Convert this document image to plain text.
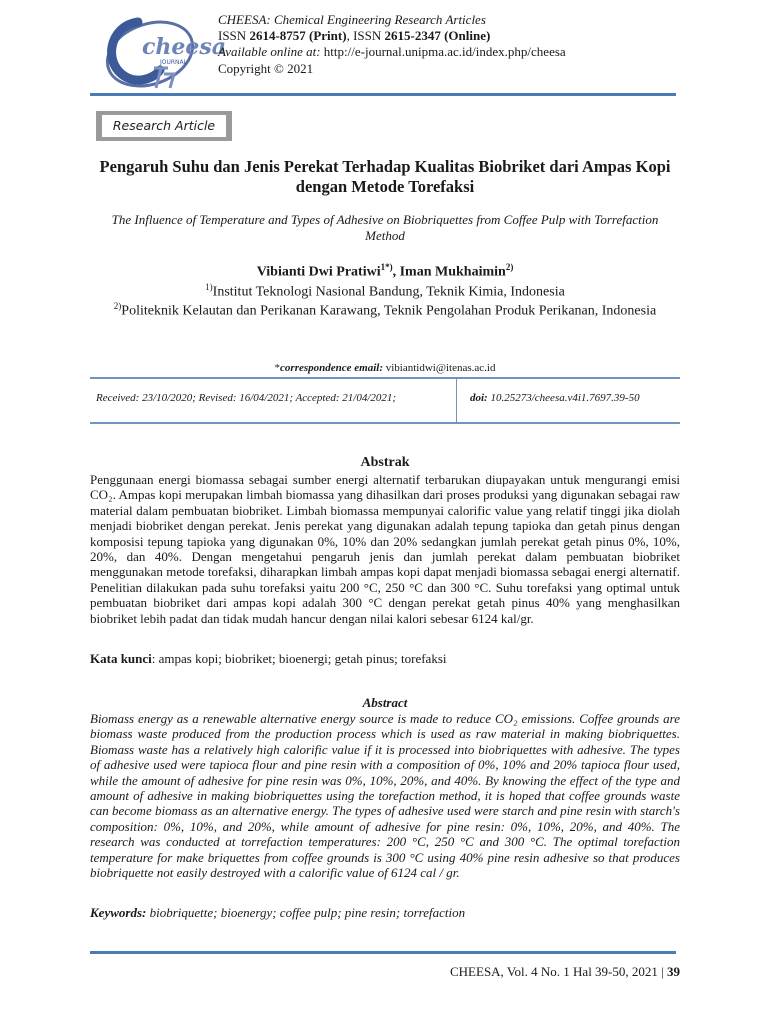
cheesa
JOURNAL
CHEESA: Chemical Engineering Research Articles
ISSN 2614-8757 (Print), ISSN 2615-2347 (Online)
Available online at: http://e-journal.unipma.ac.id/index.php/cheesa
Copyright © 2021
Research Article
Pengaruh Suhu dan Jenis Perekat Terhadap Kualitas Biobriket dari Ampas Kopi dengan Metode Torefaksi
The Influence of Temperature and Types of Adhesive on Biobriquettes from Coffee Pulp with Torrefaction Method
Vibianti Dwi Pratiwi$^{1*)}$, Iman Mukhaimin$^{2)}$
$^{1)}$Institut Teknologi Nasional Bandung, Teknik Kimia, Indonesia
$^{2)}$Politeknik Kelautan dan Perikanan Karawang, Teknik Pengolahan Produk Perikanan, Indonesia
*correspondence email: vibiantidwi@itenas.ac.id
Received: 23/10/2020; Revised: 16/04/2021; Accepted: 21/04/2021;	doi: 10.25273/cheesa.v4i1.7697.39-50
Abstrak
Penggunaan energi biomassa sebagai sumber energi alternatif terbarukan diupayakan untuk mengurangi emisi CO₂. Ampas kopi merupakan limbah biomassa yang dihasilkan dari proses produksi yang digunakan sebagai raw material dalam pembuatan biobriket. Limbah biomassa mempunyai calorific value yang relatif tinggi jika diolah menjadi biobriket dengan perekat. Jenis perekat yang digunakan adalah tepung tapioka dan getah pinus dengan komposisi tepung tapioka yang digunakan 0%, 10% dan 20% sedangkan jumlah perekat getah pinus 0%, 10%, 20%, dan 40%. Dengan mengetahui pengaruh jenis dan jumlah perekat dalam pembuatan biobriket menggunakan metode torefaksi, diharapkan limbah ampas kopi dapat menjadi biomassa sebagai energi alternatif. Penelitian dilakukan pada suhu torefaksi yaitu 200 °C, 250 °C dan 300 °C. Suhu torefaksi yang optimal untuk pembuatan biobriket dari ampas kopi adalah 300 °C dengan perekat getah pinus 40% yang menghasilkan biobriket lebih padat dan tidak mudah hancur dengan nilai kalori sebesar 6124 kal/gr.
Kata kunci: ampas kopi; biobriket; bioenergi; getah pinus; torefaksi
Abstract
Biomass energy as a renewable alternative energy source is made to reduce CO₂ emissions. Coffee grounds are biomass waste produced from the production process which is used as raw material in making biobriquettes. Biomass waste has a relatively high calorific value if it is processed into biobriquettes with adhesive. The types of adhesive used were tapioca flour and pine resin with a composition of 0%, 10% and 20% tapioca flour used, while the amount of adhesive for pine resin was 0%, 10%, 20%, and 40%. By knowing the effect of the type and amount of adhesive in making biobriquettes using the torefaction method, it is hoped that coffee grounds waste can become biomass as an alternative energy. The types of adhesive used were starch and pine resin with starch's composition: 0%, 10%, and 20%, while amount of adhesive for pine resin: 0%, 10%, 20%, and 40%. The research was conducted at torrefaction temperatures: 200 °C, 250 °C and 300 °C. The optimal torefaction temperature for make briquettes from coffee grounds is 300 °C using 40% pine resin adhesive so that produces biobriquette not easily destroyed with a calorific value of 6124 cal / gr.
Keywords: biobriquette; bioenergy; coffee pulp; pine resin; torrefaction
CHEESA, Vol. 4 No. 1 Hal 39-50, 2021 | 39
